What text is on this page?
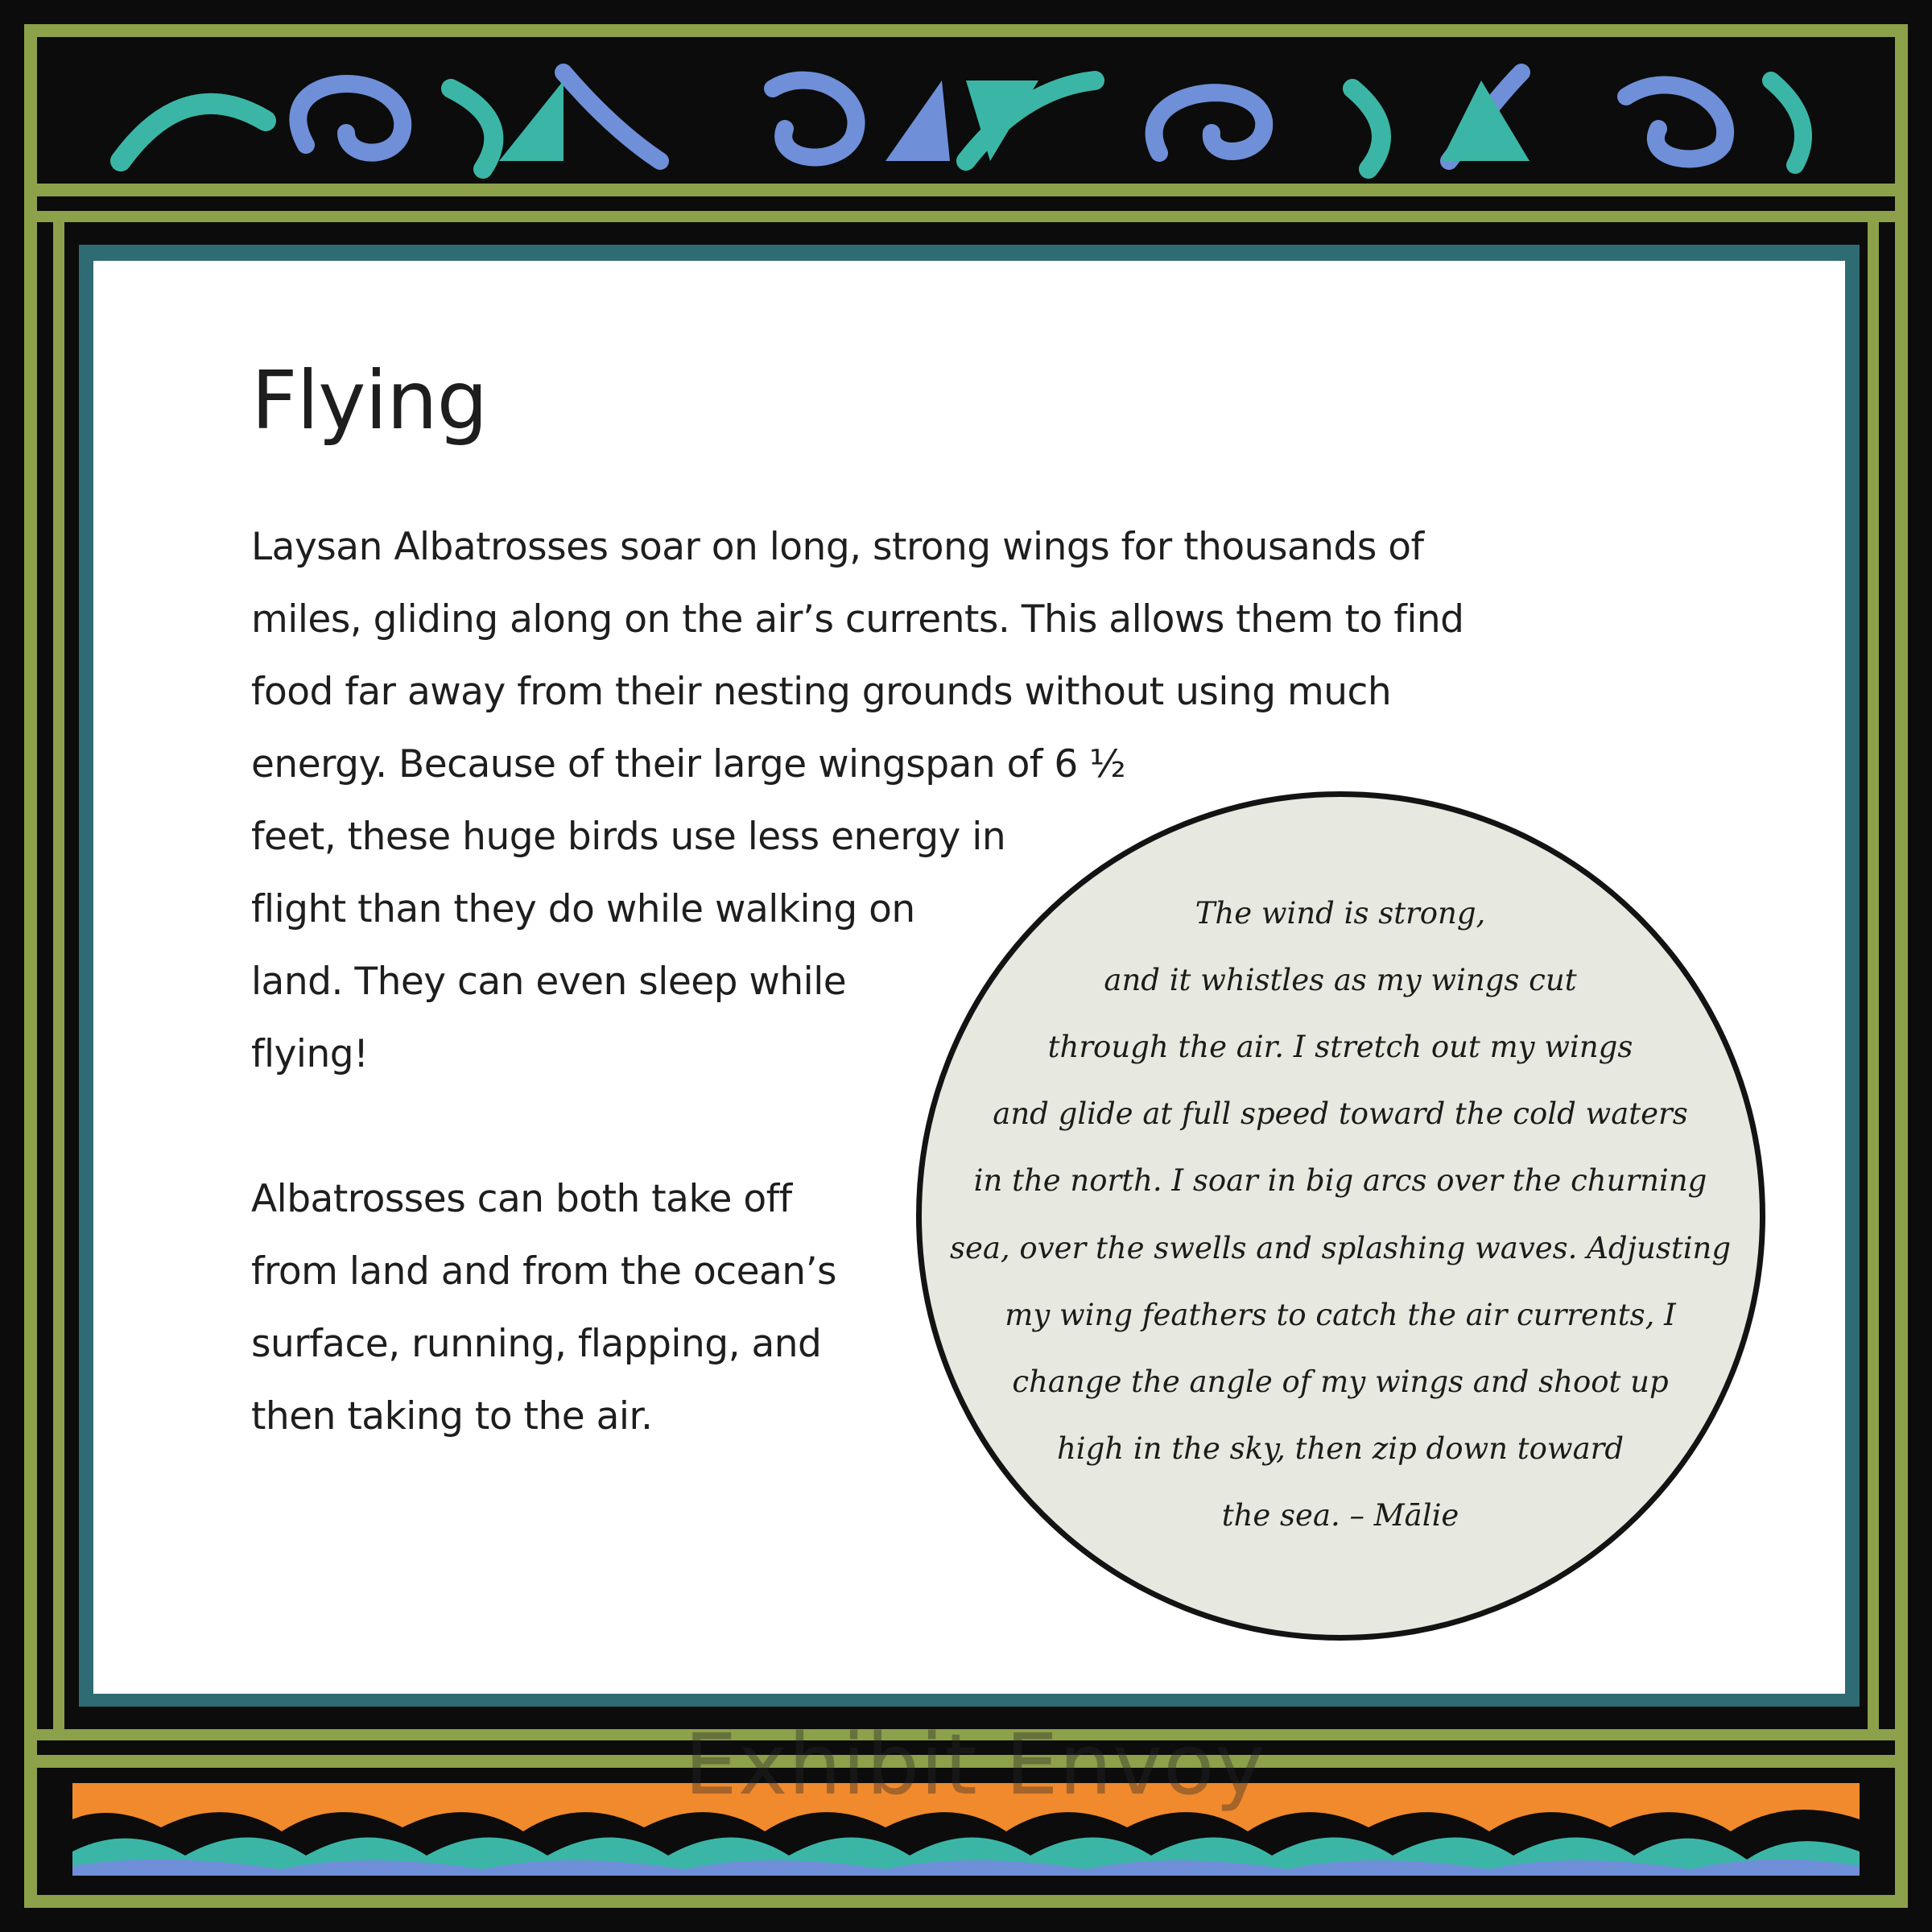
Flying
Laysan Albatrosses soar on long, strong wings for thousands of
miles, gliding along on the air’s currents. This allows them to find
food far away from their nesting grounds without using much
energy. Because of their large wingspan of 6 ½
feet, these huge birds use less energy in
flight than they do while walking on
land. They can even sleep while
flying!
Albatrosses can both take off
from land and from the ocean’s
surface, running, flapping, and
then taking to the air.
The wind is strong,
and it whistles as my wings cut
through the air. I stretch out my wings
and glide at full speed toward the cold waters
in the north. I soar in big arcs over the churning
sea, over the swells and splashing waves. Adjusting
my wing feathers to catch the air currents, I
change the angle of my wings and shoot up
high in the sky, then zip down toward
the sea. – Mālie
Exhibit Envoy
